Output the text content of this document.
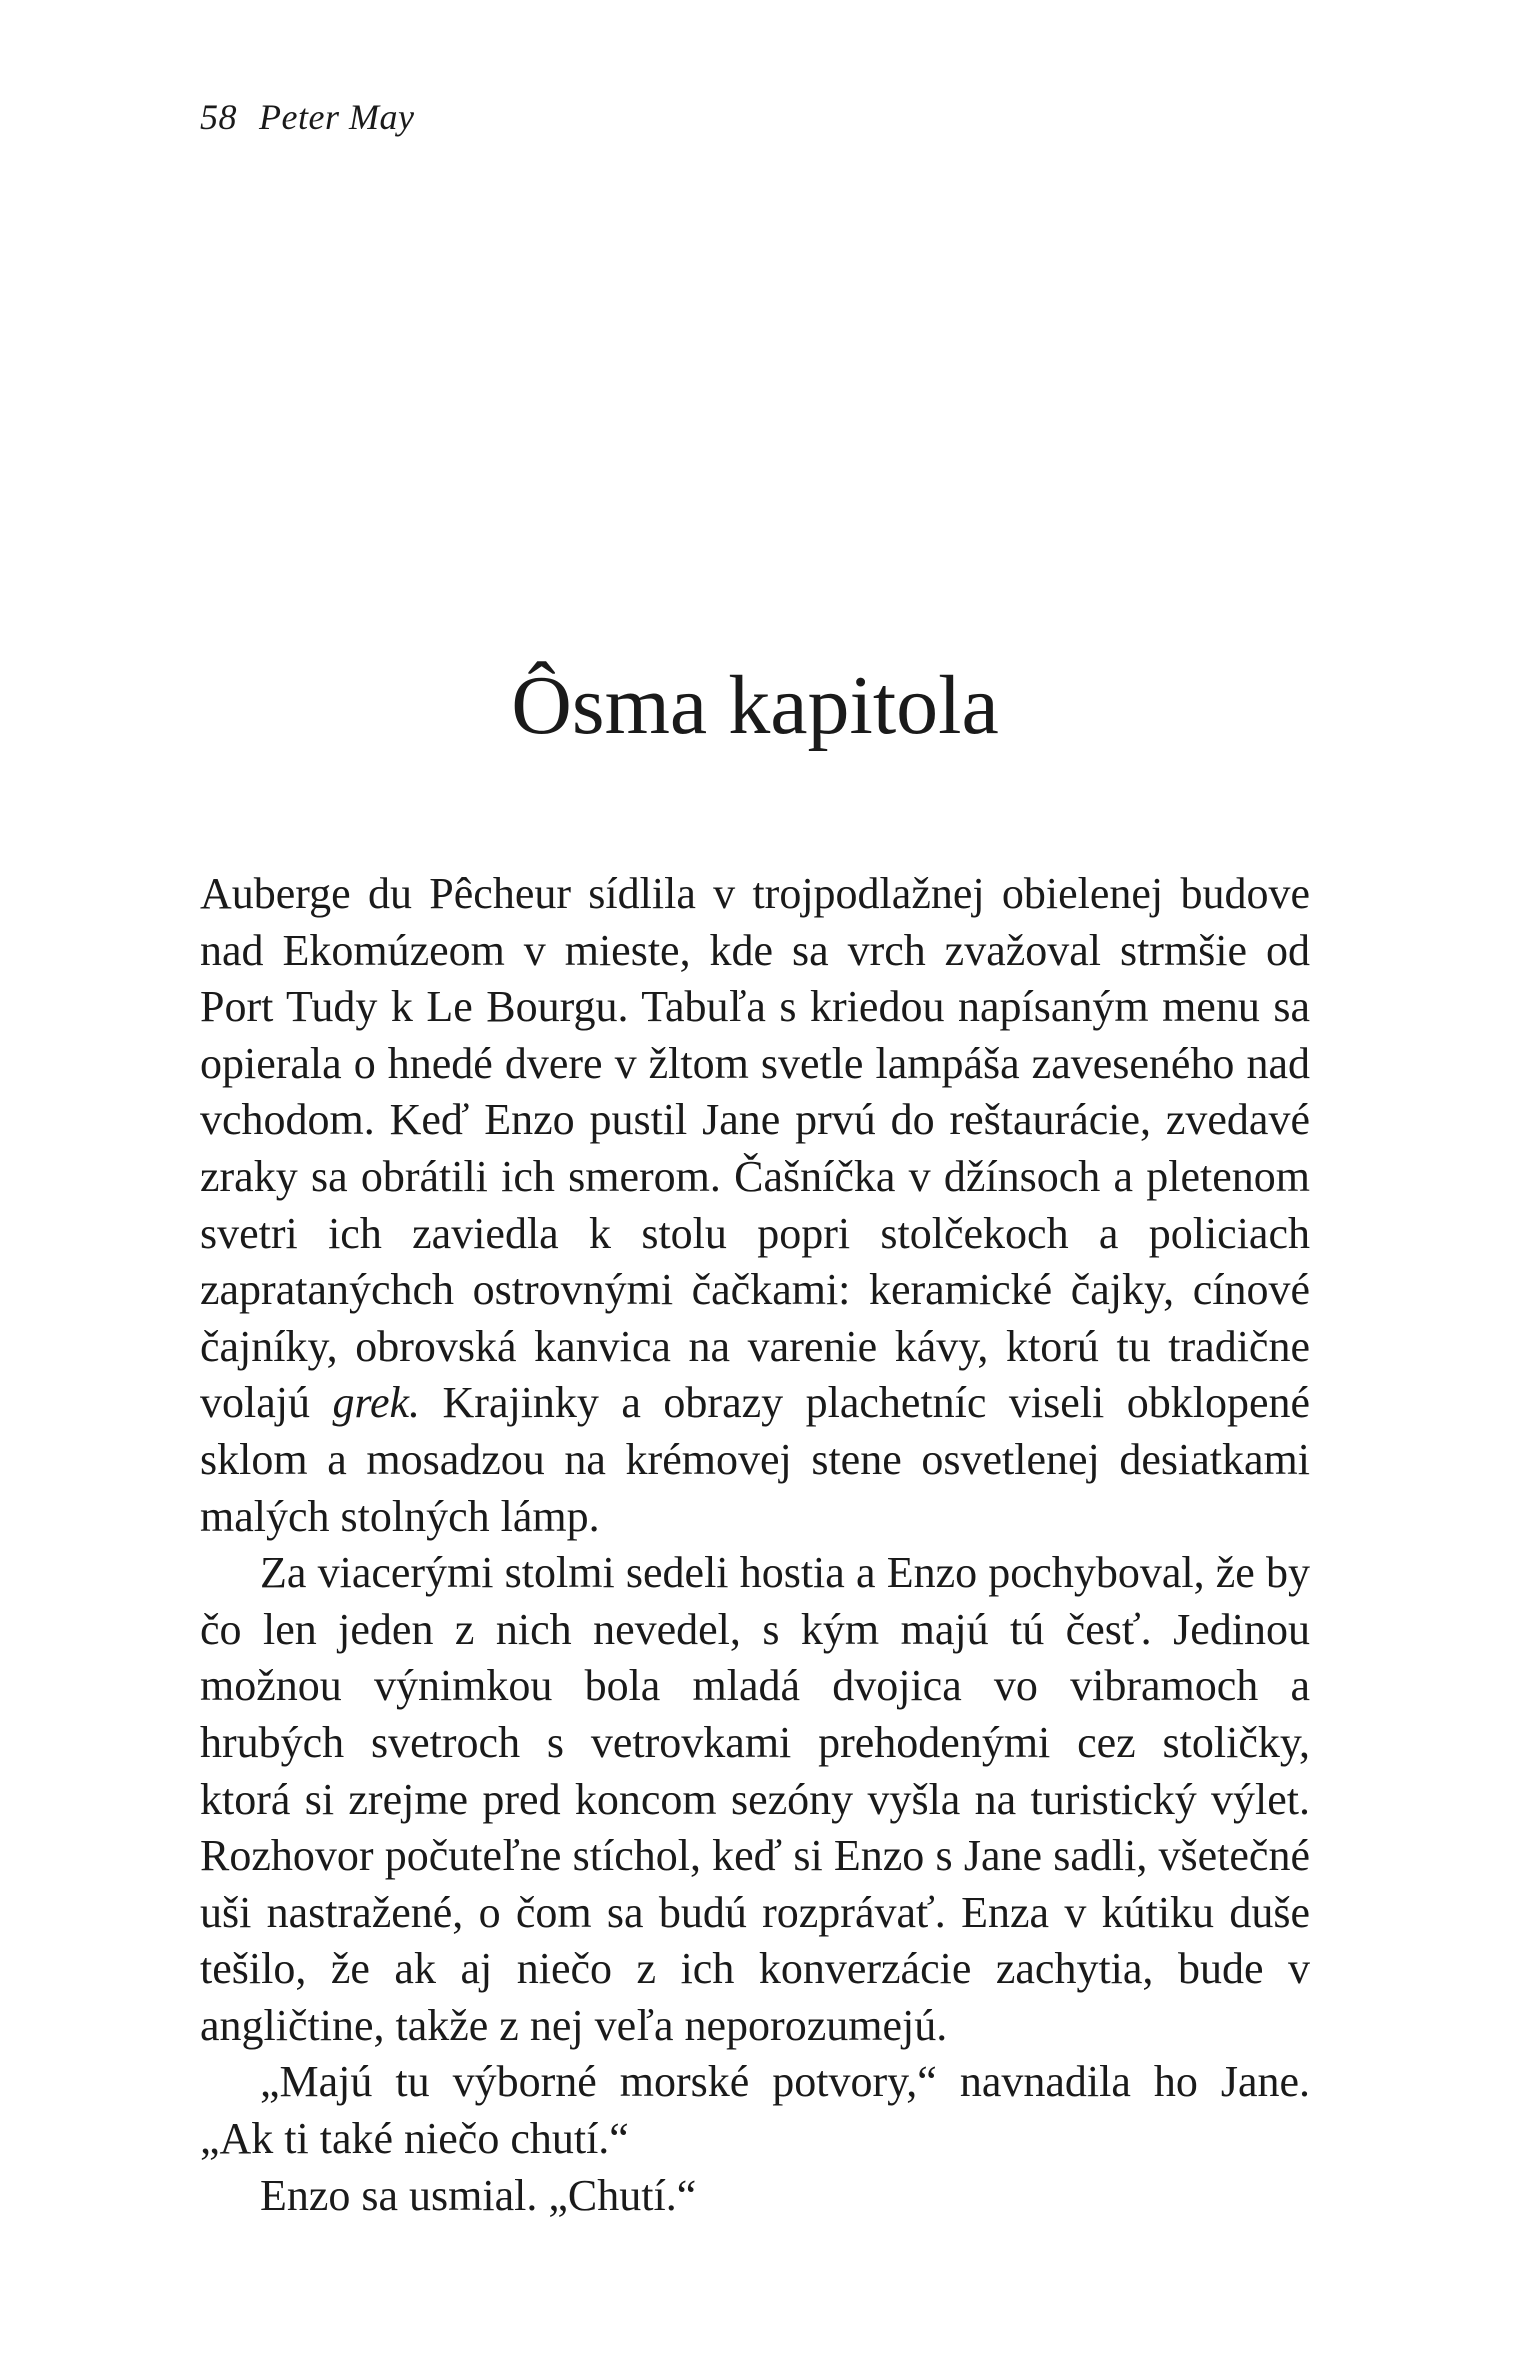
58 Peter May
Ôsma kapitola

Auberge du Pêcheur sídlila v trojpodlažnej obielenej budove nad Ekomúzeom v mieste, kde sa vrch zvažoval strmšie od Port Tudy k Le Bourgu. Tabuľa s kriedou napísaným menu sa opierala o hnedé dvere v žltom svetle lampáša zaveseného nad vchodom. Keď Enzo pustil Jane prvú do reštaurácie, zvedavé zraky sa obrátili ich smerom. Čašníčka v džínsoch a pletenom svetri ich zaviedla k stolu popri stolčekoch a policiach zapratanýchch ostrovnými čačkami: keramické čajky, cínové čajníky, obrovská kanvica na varenie kávy, ktorú tu tradične volajú grek. Krajinky a obrazy plachetníc viseli obklopené sklom a mosadzou na krémovej stene osvetlenej desiatkami malých stolných lámp.

Za viacerými stolmi sedeli hostia a Enzo pochyboval, že by čo len jeden z nich nevedel, s kým majú tú česť. Jedinou možnou výnimkou bola mladá dvojica vo vibramoch a hrubých svetroch s vetrovkami prehodenými cez stoličky, ktorá si zrejme pred koncom sezóny vyšla na turistický výlet. Rozhovor počuteľne stíchol, keď si Enzo s Jane sadli, všetečné uši nastražené, o čom sa budú rozprávať. Enza v kútiku duše tešilo, že ak aj niečo z ich konverzácie zachytia, bude v angličtine, takže z nej veľa neporozumejú.

„Majú tu výborné morské potvory,“ navnadila ho Jane. „Ak ti také niečo chutí.“

Enzo sa usmial. „Chutí.“
